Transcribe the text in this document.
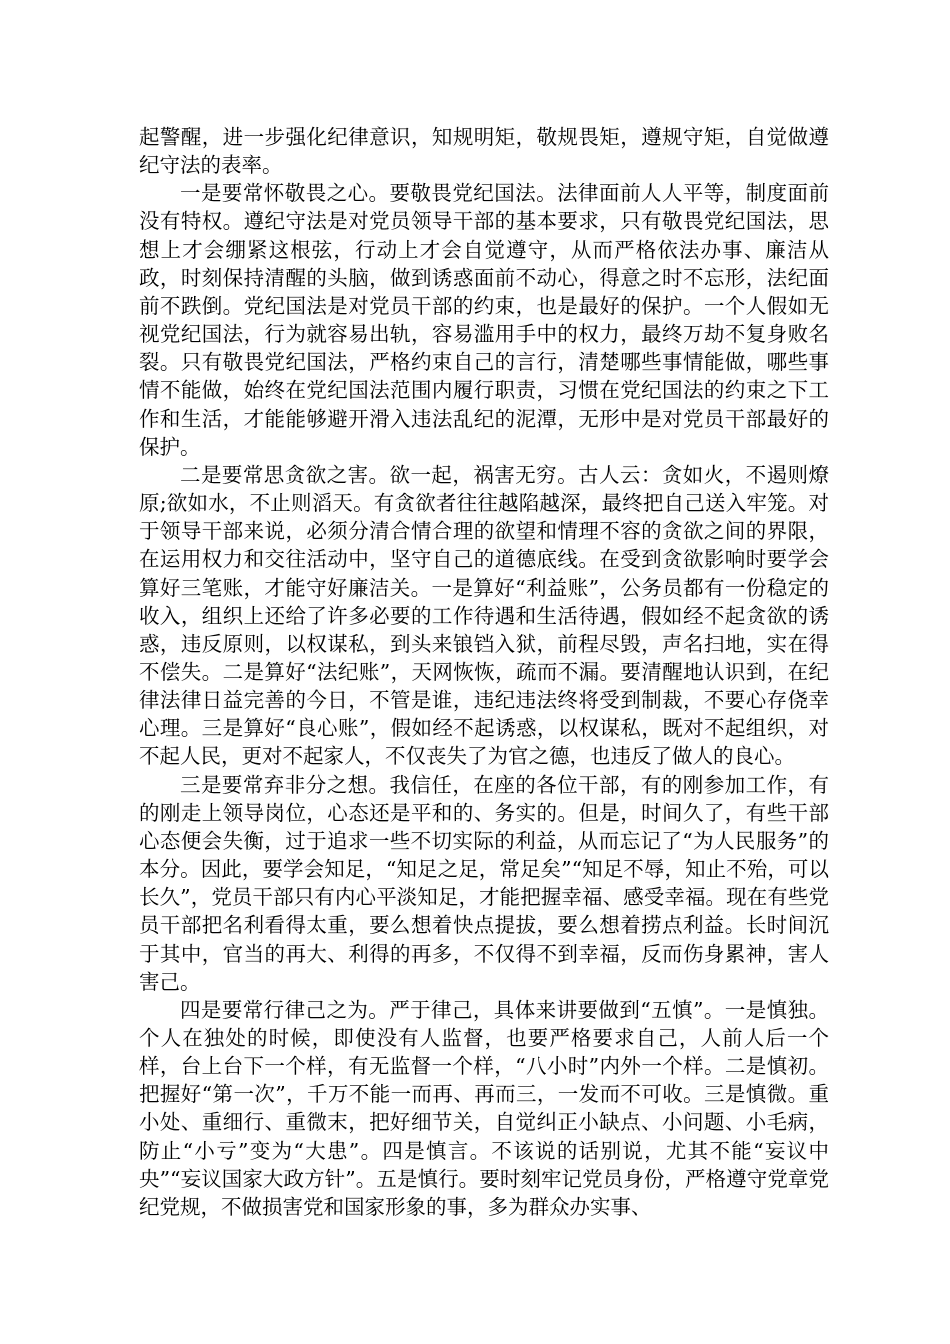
起警醒，进一步强化纪律意识，知规明矩，敬规畏矩，遵规守矩，自觉做遵纪守法的表率。

一是要常怀敬畏之心。要敬畏党纪国法。法律面前人人平等，制度面前没有特权。遵纪守法是对党员领导干部的基本要求，只有敬畏党纪国法，思想上才会绷紧这根弦，行动上才会自觉遵守，从而严格依法办事、廉洁从政，时刻保持清醒的头脑，做到诱惑面前不动心，得意之时不忘形，法纪面前不跌倒。党纪国法是对党员干部的约束，也是最好的保护。一个人假如无视党纪国法，行为就容易出轨，容易滥用手中的权力，最终万劫不复身败名裂。只有敬畏党纪国法，严格约束自己的言行，清楚哪些事情能做，哪些事情不能做，始终在党纪国法范围内履行职责，习惯在党纪国法的约束之下工作和生活，才能能够避开滑入违法乱纪的泥潭，无形中是对党员干部最好的保护。

二是要常思贪欲之害。欲一起，祸害无穷。古人云：贪如火，不遏则燎原;欲如水，不止则滔天。有贪欲者往往越陷越深，最终把自己送入牢笼。对于领导干部来说，必须分清合情合理的欲望和情理不容的贪欲之间的界限，在运用权力和交往活动中，坚守自己的道德底线。在受到贪欲影响时要学会算好三笔账，才能守好廉洁关。一是算好“利益账”，公务员都有一份稳定的收入，组织上还给了许多必要的工作待遇和生活待遇，假如经不起贪欲的诱惑，违反原则，以权谋私，到头来锒铛入狱，前程尽毁，声名扫地，实在得不偿失。二是算好“法纪账”，天网恢恢，疏而不漏。要清醒地认识到，在纪律法律日益完善的今日，不管是谁，违纪违法终将受到制裁，不要心存侥幸心理。三是算好“良心账”，假如经不起诱惑，以权谋私，既对不起组织，对不起人民，更对不起家人，不仅丧失了为官之德，也违反了做人的良心。

三是要常弃非分之想。我信任，在座的各位干部，有的刚参加工作，有的刚走上领导岗位，心态还是平和的、务实的。但是，时间久了，有些干部心态便会失衡，过于追求一些不切实际的利益，从而忘记了“为人民服务”的本分。因此，要学会知足，“知足之足，常足矣”“知足不辱，知止不殆，可以长久”，党员干部只有内心平淡知足，才能把握幸福、感受幸福。现在有些党员干部把名利看得太重，要么想着快点提拔，要么想着捞点利益。长时间沉于其中，官当的再大、利得的再多，不仅得不到幸福，反而伤身累神，害人害己。

四是要常行律己之为。严于律己，具体来讲要做到“五慎”。一是慎独。个人在独处的时候，即使没有人监督，也要严格要求自己，人前人后一个样，台上台下一个样，有无监督一个样，“八小时”内外一个样。二是慎初。把握好“第一次”，千万不能一而再、再而三，一发而不可收。三是慎微。重小处、重细行、重微末，把好细节关，自觉纠正小缺点、小问题、小毛病，防止“小亏”变为“大患”。四是慎言。不该说的话别说，尤其不能“妄议中央”“妄议国家大政方针”。五是慎行。要时刻牢记党员身份，严格遵守党章党纪党规，不做损害党和国家形象的事，多为群众办实事、
